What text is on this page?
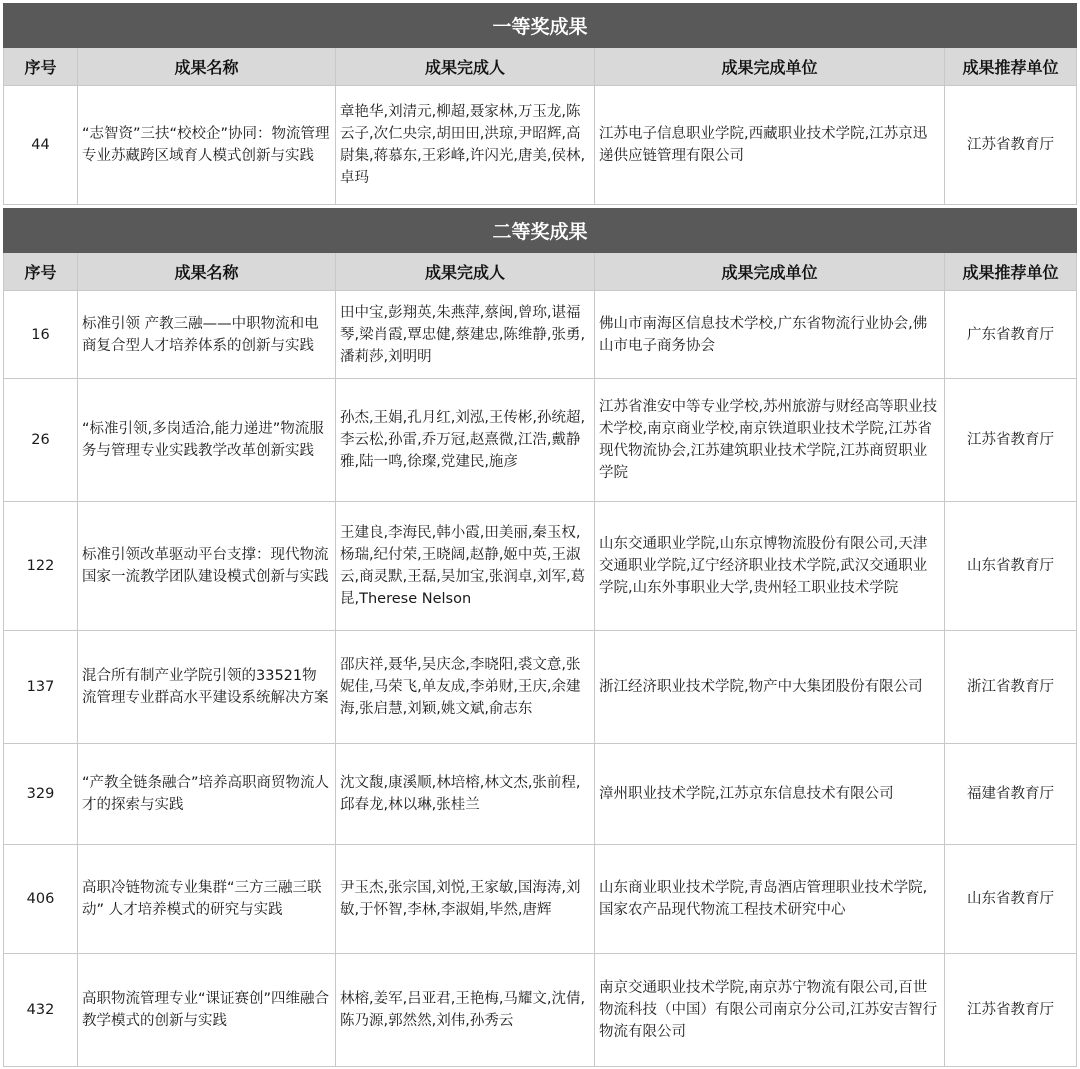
一等奖成果				
序号	成果名称	成果完成人	成果完成单位	成果推荐单位
44	“志智资”三扶“校校企”协同：物流管理专业苏藏跨区域育人模式创新与实践	章艳华,刘清元,柳超,聂家林,万玉龙,陈云子,次仁央宗,胡田田,洪琼,尹昭辉,高尉集,蒋慕东,王彩峰,许闪光,唐美,侯林,卓玛	江苏电子信息职业学院,西藏职业技术学院,江苏京迅递供应链管理有限公司	江苏省教育厅

二等奖成果				
序号	成果名称	成果完成人	成果完成单位	成果推荐单位
16	标准引领 产教三融——中职物流和电商复合型人才培养体系的创新与实践	田中宝,彭翔英,朱燕萍,蔡闽,曾珎,谌福琴,梁肖霞,覃忠健,蔡建忠,陈维静,张勇,潘莉莎,刘明明	佛山市南海区信息技术学校,广东省物流行业协会,佛山市电子商务协会	广东省教育厅
26	“标准引领,多岗适洽,能力递进”物流服务与管理专业实践教学改革创新实践	孙杰,王娟,孔月红,刘泓,王传彬,孙统超,李云松,孙雷,乔万冠,赵熹微,江浩,戴静雅,陆一鸣,徐璨,党建民,施彦	江苏省淮安中等专业学校,苏州旅游与财经高等职业技术学校,南京商业学校,南京铁道职业技术学院,江苏省现代物流协会,江苏建筑职业技术学院,江苏商贸职业学院	江苏省教育厅
122	标准引领改革驱动平台支撑：现代物流国家一流教学团队建设模式创新与实践	王建良,李海民,韩小霞,田美丽,秦玉权,杨瑞,纪付荣,王晓阔,赵静,姬中英,王淑云,商灵默,王磊,吴加宝,张润卓,刘军,葛昆,Therese Nelson	山东交通职业学院,山东京博物流股份有限公司,天津交通职业学院,辽宁经济职业技术学院,武汉交通职业学院,山东外事职业大学,贵州轻工职业技术学院	山东省教育厅
137	混合所有制产业学院引领的33521物流管理专业群高水平建设系统解决方案	邵庆祥,聂华,吴庆念,李晓阳,裘文意,张妮佳,马荣飞,单友成,李弟财,王庆,余建海,张启慧,刘颖,姚文斌,俞志东	浙江经济职业技术学院,物产中大集团股份有限公司	浙江省教育厅
329	“产教全链条融合”培养高职商贸物流人才的探索与实践	沈文馥,康溪顺,林培榕,林文杰,张前程,邱春龙,林以琳,张桂兰	漳州职业技术学院,江苏京东信息技术有限公司	福建省教育厅
406	高职冷链物流专业集群“三方三融三联动” 人才培养模式的研究与实践	尹玉杰,张宗国,刘悦,王家敏,国海涛,刘敏,于怀智,李林,李淑娟,毕然,唐辉	山东商业职业技术学院,青岛酒店管理职业技术学院,国家农产品现代物流工程技术研究中心	山东省教育厅
432	高职物流管理专业“课证赛创”四维融合教学模式的创新与实践	林榕,姜军,吕亚君,王艳梅,马耀文,沈倩,陈乃源,郭然然,刘伟,孙秀云	南京交通职业技术学院,南京苏宁物流有限公司,百世物流科技（中国）有限公司南京分公司,江苏安吉智行物流有限公司	江苏省教育厅
